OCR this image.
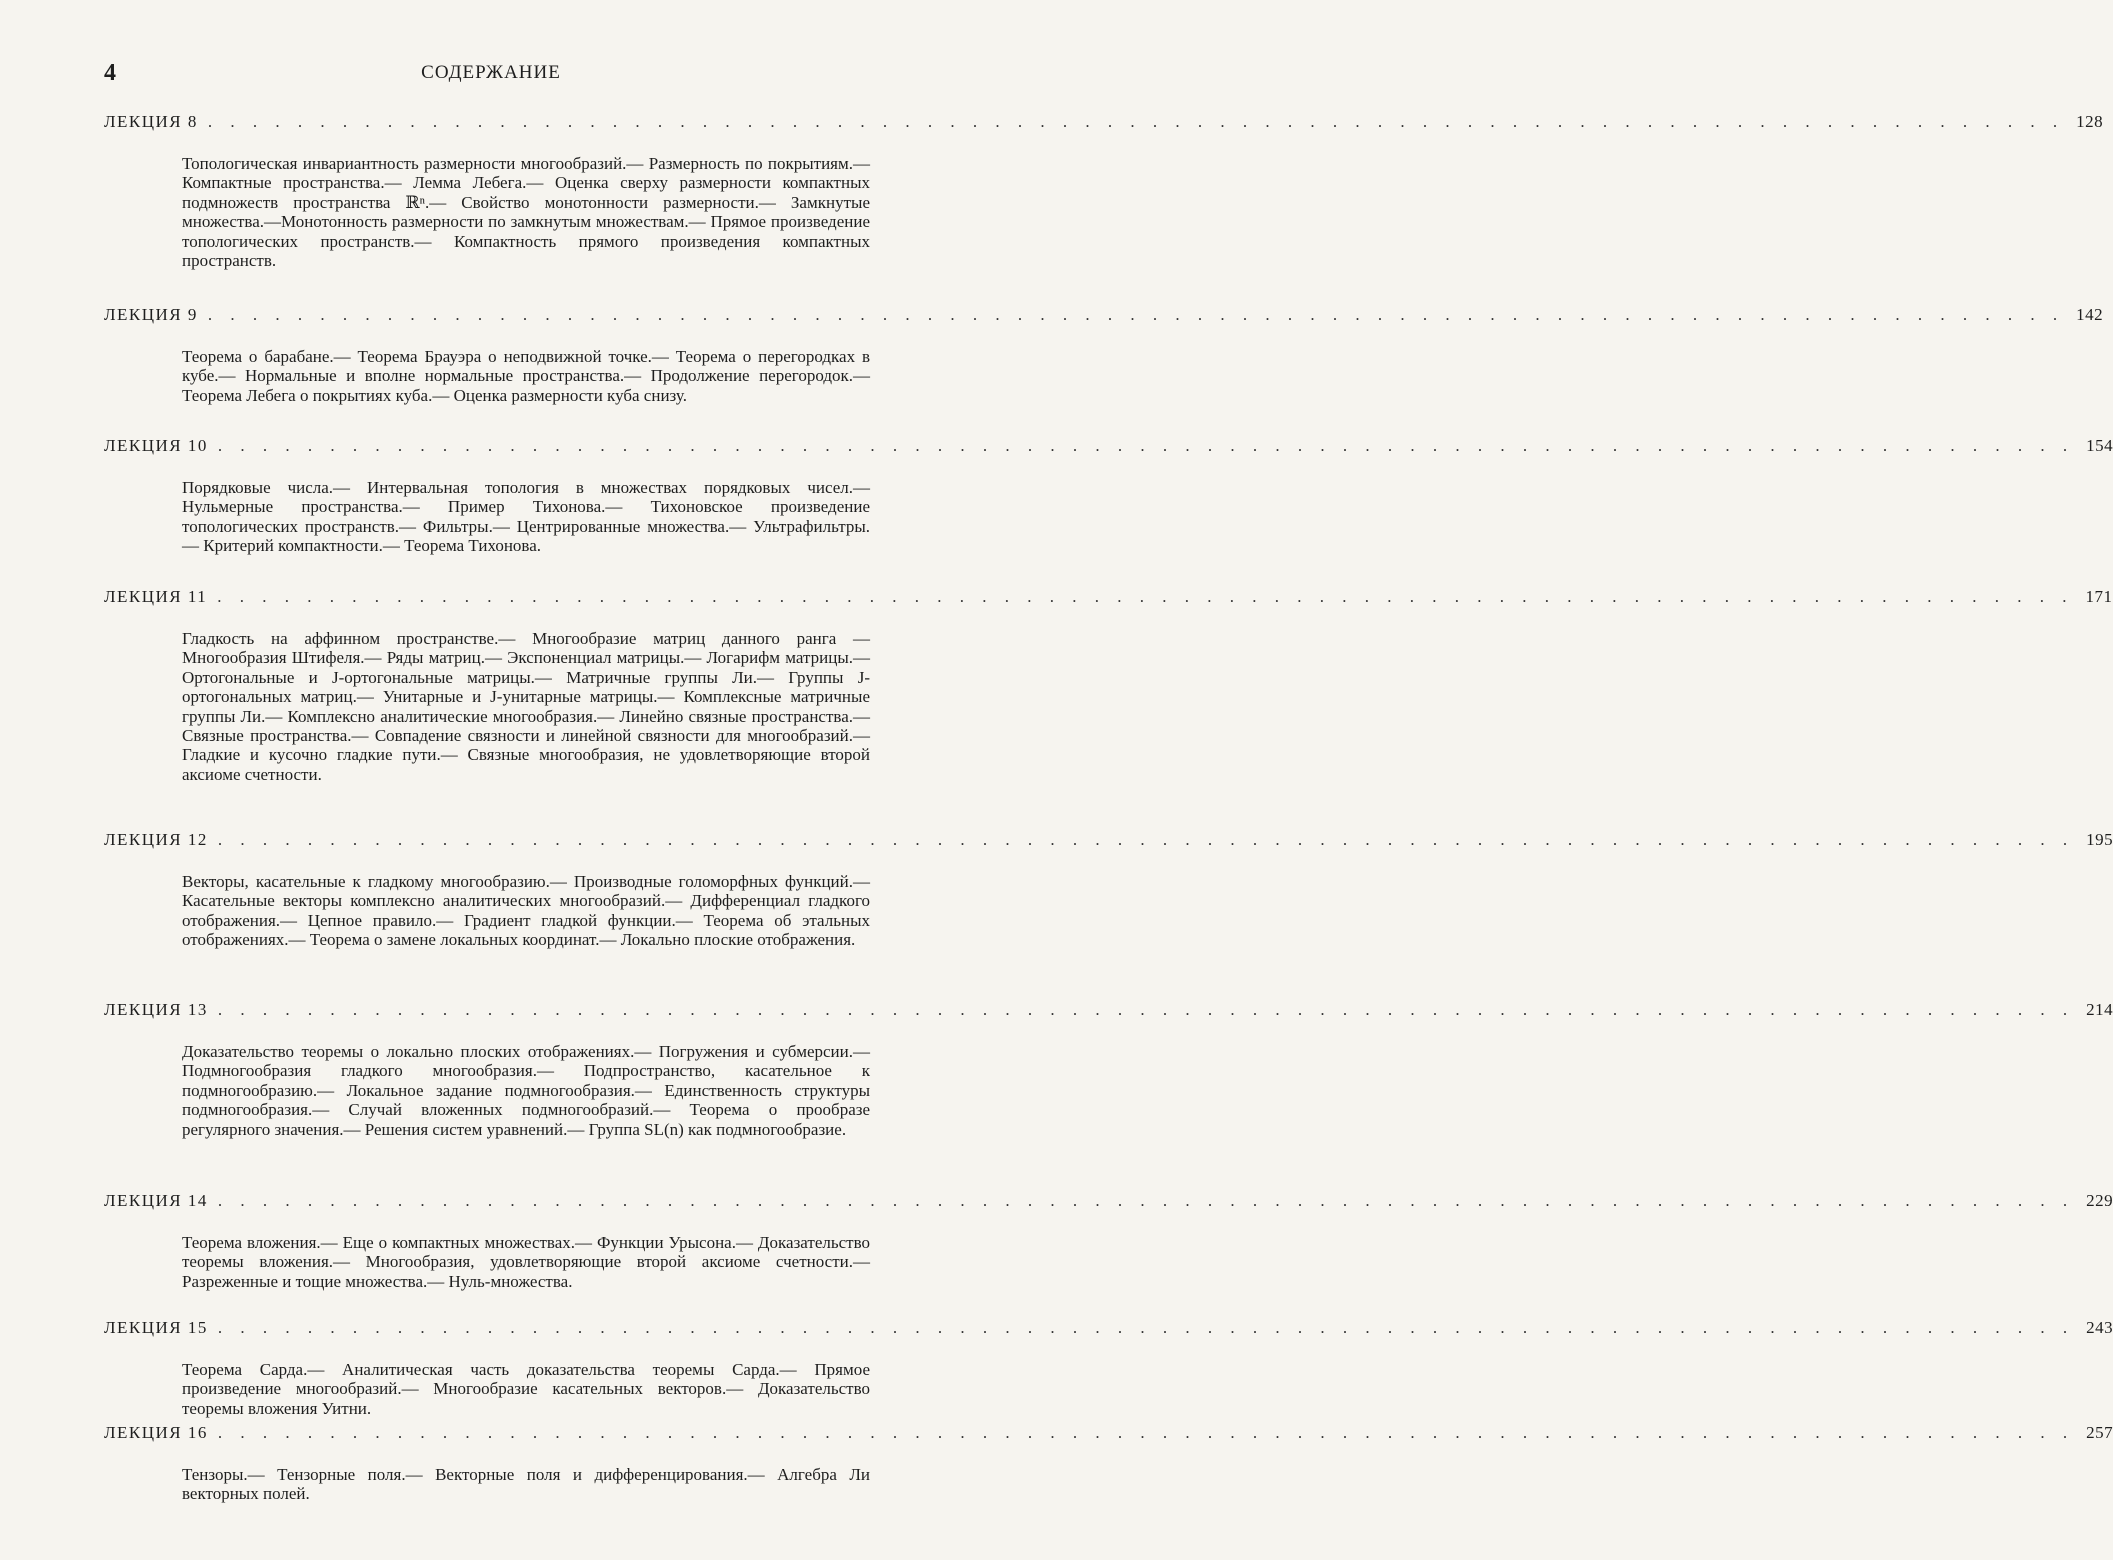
4	СОДЕРЖАНИЕ
ЛЕКЦИЯ 8 . . . . . . . . . . . . . . . . . . . . . . . . . . . . . . . . . . . . . . . . . . . . . . . . . . . . . . . . . . . . . . . . . . . . . . . . . . . . . . . . . . . 128
Топологическая инвариантность размерности многообразий.— Размерность по покрытиям.— Компактные пространства.— Лемма Лебега.— Оценка сверху размерности компактных подмножеств пространства ℝⁿ.— Свойство монотонности размерности.— Замкнутые множества.—Монотонность размерности по замкнутым множествам.— Прямое произведение топологических пространств.— Компактность прямого произведения компактных пространств.
ЛЕКЦИЯ 9 . . . . . . . . . . . . . . . . . . . . . . . . . . . . . . . . . . . . . . . . . . . . . . . . . . . . . . . . . . . . . . . . . . . . . . . . . . . . . . . . . . . 142
Теорема о барабане.— Теорема Брауэра о неподвижной точке.— Теорема о перегородках в кубе.— Нормальные и вполне нормальные пространства.— Продолжение перегородок.— Теорема Лебега о покрытиях куба.— Оценка размерности куба снизу.
ЛЕКЦИЯ 10 . . . . . . . . . . . . . . . . . . . . . . . . . . . . . . . . . . . . . . . . . . . . . . . . . . . . . . . . . . . . . . . . . . . . . . . . . . . . . . . . . . . 154
Порядковые числа.— Интервальная топология в множествах порядковых чисел.— Нульмерные пространства.— Пример Тихонова.— Тихоновское произведение топологических пространств.— Фильтры.— Центрированные множества.— Ультрафильтры.— Критерий компактности.— Теорема Тихонова.
ЛЕКЦИЯ 11 . . . . . . . . . . . . . . . . . . . . . . . . . . . . . . . . . . . . . . . . . . . . . . . . . . . . . . . . . . . . . . . . . . . . . . . . . . . . . . . . . . . 171
Гладкость на аффинном пространстве.— Многообразие матриц данного ранга — Многообразия Штифеля.— Ряды матриц.— Экспоненциал матрицы.— Логарифм матрицы.— Ортогональные и J-ортогональные матрицы.— Матричные группы Ли.— Группы J-ортогональных матриц.— Унитарные и J-унитарные матрицы.— Комплексные матричные группы Ли.— Комплексно аналитические многообразия.— Линейно связные пространства.— Связные пространства.— Совпадение связности и линейной связности для многообразий.— Гладкие и кусочно гладкие пути.— Связные многообразия, не удовлетворяющие второй аксиоме счетности.
ЛЕКЦИЯ 12 . . . . . . . . . . . . . . . . . . . . . . . . . . . . . . . . . . . . . . . . . . . . . . . . . . . . . . . . . . . . . . . . . . . . . . . . . . . . . . . . . . . 195
Векторы, касательные к гладкому многообразию.— Производные голоморфных функций.— Касательные векторы комплексно аналитических многообразий.— Дифференциал гладкого отображения.— Цепное правило.— Градиент гладкой функции.— Теорема об этальных отображениях.— Теорема о замене локальных координат.— Локально плоские отображения.
ЛЕКЦИЯ 13 . . . . . . . . . . . . . . . . . . . . . . . . . . . . . . . . . . . . . . . . . . . . . . . . . . . . . . . . . . . . . . . . . . . . . . . . . . . . . . . . . . . 214
Доказательство теоремы о локально плоских отображениях.— Погружения и субмерсии.— Подмногообразия гладкого многообразия.— Подпространство, касательное к подмногообразию.— Локальное задание подмногообразия.— Единственность структуры подмногообразия.— Случай вложенных подмногообразий.— Теорема о прообразе регулярного значения.— Решения систем уравнений.— Группа SL(n) как подмногообразие.
ЛЕКЦИЯ 14 . . . . . . . . . . . . . . . . . . . . . . . . . . . . . . . . . . . . . . . . . . . . . . . . . . . . . . . . . . . . . . . . . . . . . . . . . . . . . . . . . . . 229
Теорема вложения.— Еще о компактных множествах.— Функции Урысона.— Доказательство теоремы вложения.— Многообразия, удовлетворяющие второй аксиоме счетности.— Разреженные и тощие множества.— Нуль-множества.
ЛЕКЦИЯ 15 . . . . . . . . . . . . . . . . . . . . . . . . . . . . . . . . . . . . . . . . . . . . . . . . . . . . . . . . . . . . . . . . . . . . . . . . . . . . . . . . . . . 243
Теорема Сарда.— Аналитическая часть доказательства теоремы Сарда.— Прямое произведение многообразий.— Многообразие касательных векторов.— Доказательство теоремы вложения Уитни.
ЛЕКЦИЯ 16 . . . . . . . . . . . . . . . . . . . . . . . . . . . . . . . . . . . . . . . . . . . . . . . . . . . . . . . . . . . . . . . . . . . . . . . . . . . . . . . . . . . 257
Тензоры.— Тензорные поля.— Векторные поля и дифференцирования.— Алгебра Ли векторных полей.
